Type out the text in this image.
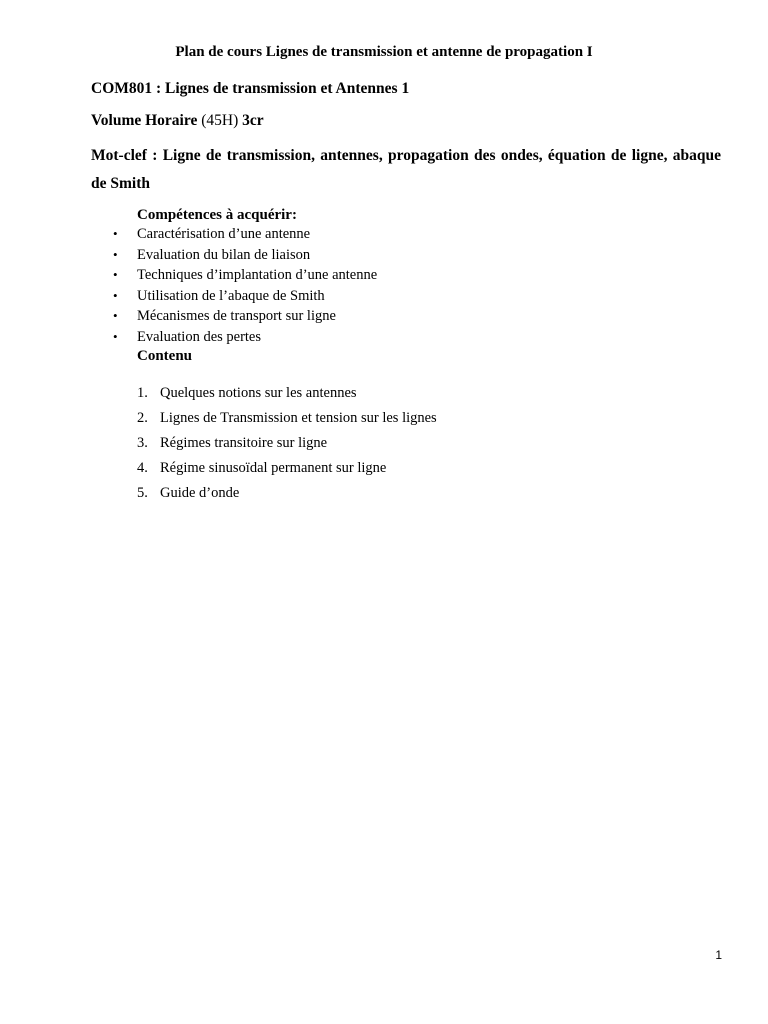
Plan de cours Lignes de transmission et antenne de propagation I
COM801 : Lignes de transmission et Antennes 1
Volume Horaire (45H) 3cr
Mot-clef : Ligne de transmission, antennes, propagation des ondes, équation de ligne, abaque
de Smith
Compétences à acquérir:
• Caractérisation d’une antenne
• Evaluation du bilan de liaison
• Techniques d’implantation d’une antenne
• Utilisation de l’abaque de Smith
• Mécanismes de transport sur ligne
• Evaluation des pertes
Contenu
1. Quelques notions sur les antennes
2. Lignes de Transmission et tension sur les lignes
3. Régimes transitoire sur ligne
4. Régime sinusoïdal permanent sur ligne
5. Guide d’onde
1
